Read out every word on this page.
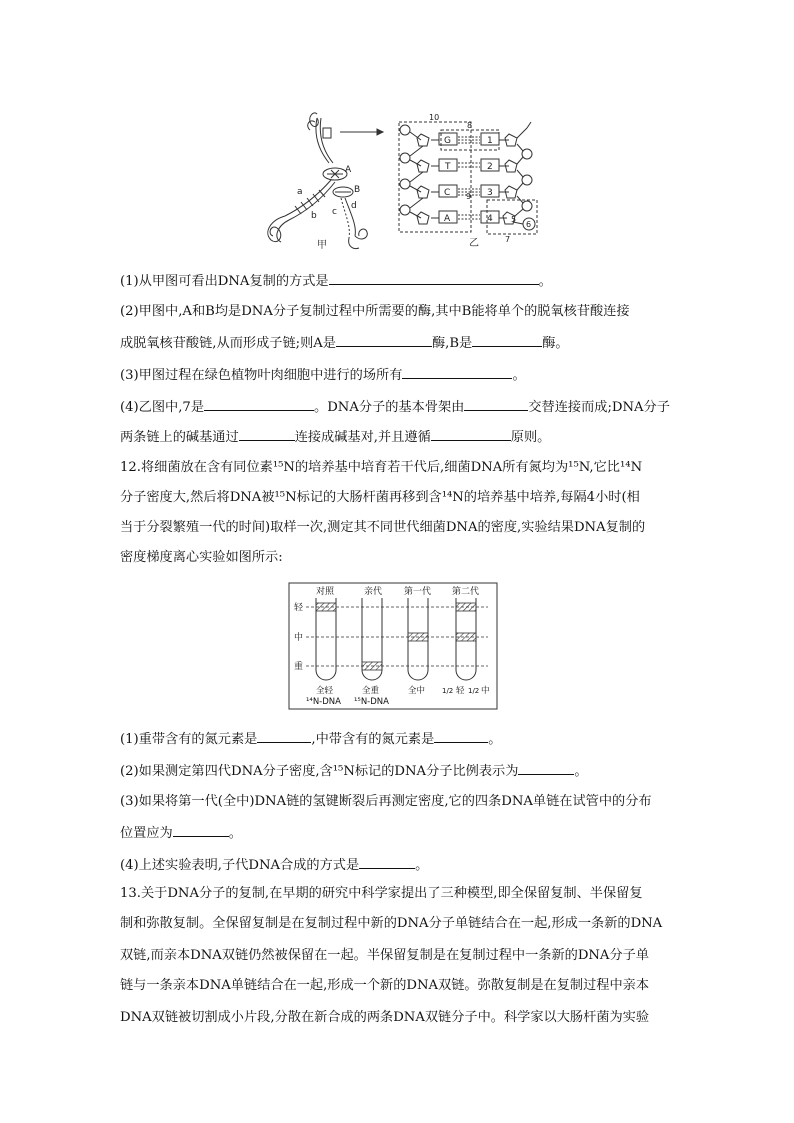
A
B
a
b c
d
甲	乙
10
8
9
7
G
T
C
A
1
2
3
4 5
6
(1)从甲图可看出DNA复制的方式是	。
(2)甲图中,A和B均是DNA分子复制过程中所需要的酶,其中B能将单个的脱氧核苷酸连接
成脱氧核苷酸链,从而形成子链;则A是	酶,B是	酶。
(3)甲图过程在绿色植物叶肉细胞中进行的场所有	。
(4)乙图中,7是	。DNA分子的基本骨架由	交替连接而成;DNA分子
两条链上的碱基通过	连接成碱基对,并且遵循	原则。
12.将细菌放在含有同位素¹⁵N的培养基中培育若干代后,细菌DNA所有氮均为¹⁵N,它比¹⁴N
分子密度大,然后将DNA被¹⁵N标记的大肠杆菌再移到含¹⁴N的培养基中培养,每隔4小时(相
当于分裂繁殖一代的时间)取样一次,测定其不同世代细菌DNA的密度,实验结果DNA复制的
密度梯度离心实验如图所示:
对照	亲代 第一代 第二代
轻
中
重
全轻
¹⁴N-DNA
全重
¹⁵N-DNA
全中 1/2 轻 1/2 中
(1)重带含有的氮元素是	,中带含有的氮元素是	。
(2)如果测定第四代DNA分子密度,含¹⁵N标记的DNA分子比例表示为	。
(3)如果将第一代(全中)DNA链的氢键断裂后再测定密度,它的四条DNA单链在试管中的分布
位置应为	。
(4)上述实验表明,子代DNA合成的方式是	。
13.关于DNA分子的复制,在早期的研究中科学家提出了三种模型,即全保留复制、半保留复
制和弥散复制。全保留复制是在复制过程中新的DNA分子单链结合在一起,形成一条新的DNA
双链,而亲本DNA双链仍然被保留在一起。半保留复制是在复制过程中一条新的DNA分子单
链与一条亲本DNA单链结合在一起,形成一个新的DNA双链。弥散复制是在复制过程中亲本
DNA双链被切割成小片段,分散在新合成的两条DNA双链分子中。科学家以大肠杆菌为实验
